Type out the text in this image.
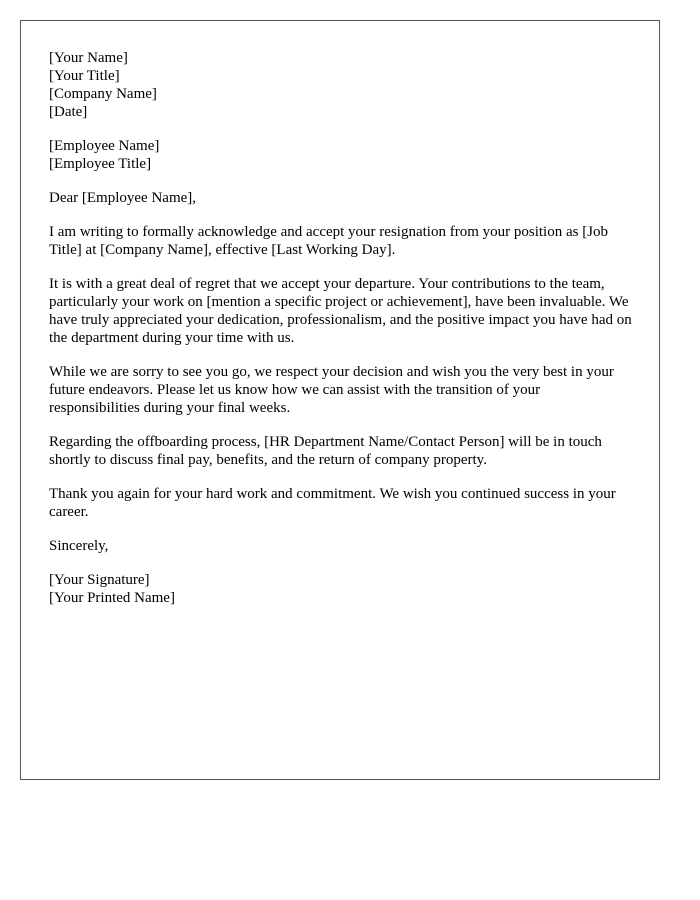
[Your Name]
[Your Title]
[Company Name]
[Date]
[Employee Name]
[Employee Title]

Dear [Employee Name],

I am writing to formally acknowledge and accept your resignation from your position as [Job Title] at [Company Name], effective [Last Working Day].

It is with a great deal of regret that we accept your departure. Your contributions to the team, particularly your work on [mention a specific project or achievement], have been invaluable. We have truly appreciated your dedication, professionalism, and the positive impact you have had on the department during your time with us.

While we are sorry to see you go, we respect your decision and wish you the very best in your future endeavors. Please let us know how we can assist with the transition of your responsibilities during your final weeks.

Regarding the offboarding process, [HR Department Name/Contact Person] will be in touch shortly to discuss final pay, benefits, and the return of company property.

Thank you again for your hard work and commitment. We wish you continued success in your career.

Sincerely,

[Your Signature]
[Your Printed Name]
